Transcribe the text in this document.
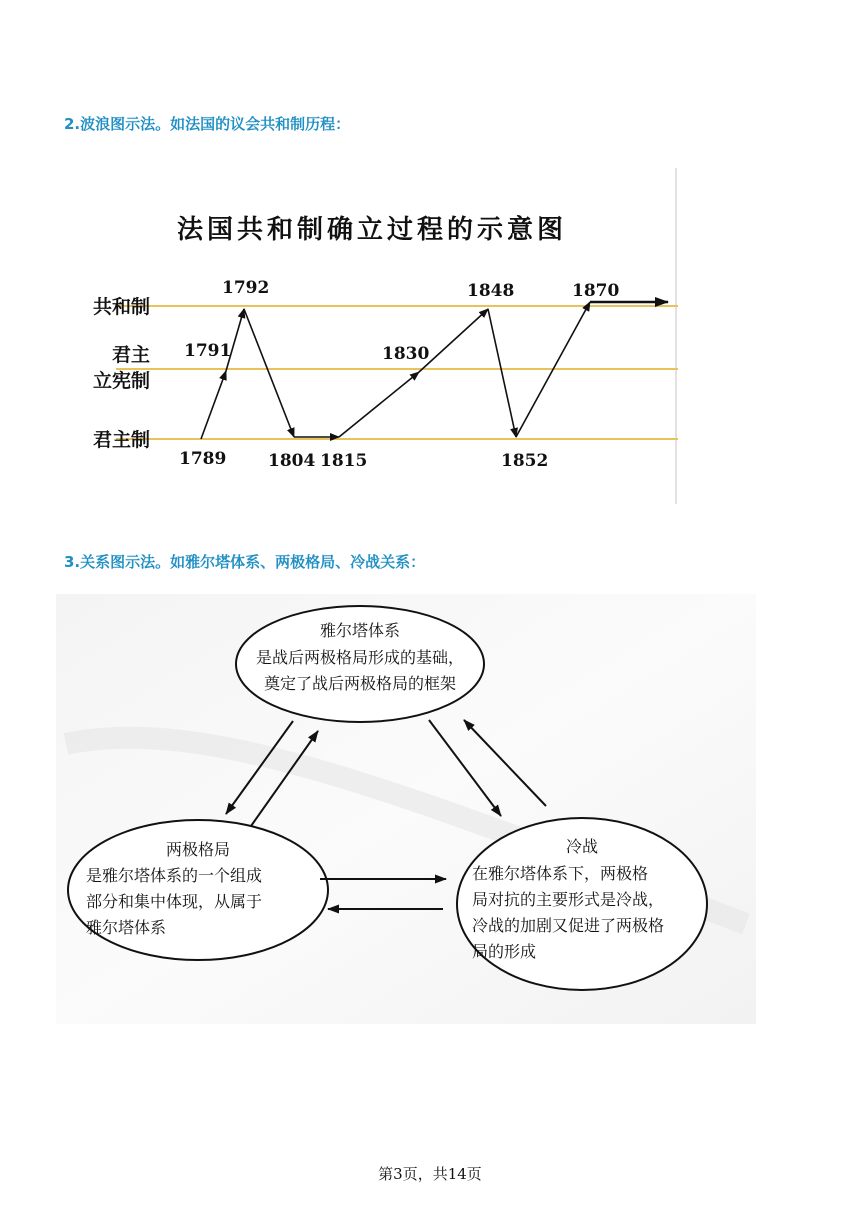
2.波浪图示法。如法国的议会共和制历程：
法国共和制确立过程的示意图
共和制
君主
立宪制
君主制
1789
1791
1792
1804 1815
1830
1848
1852
1870
3.关系图示法。如雅尔塔体系、两极格局、冷战关系：
雅尔塔体系
是战后两极格局形成的基础，
奠定了战后两极格局的框架
两极格局
是雅尔塔体系的一个组成
部分和集中体现，从属于
雅尔塔体系
冷战
在雅尔塔体系下，两极格
局对抗的主要形式是冷战，
冷战的加剧又促进了两极格
局的形成
第3页，共14页
